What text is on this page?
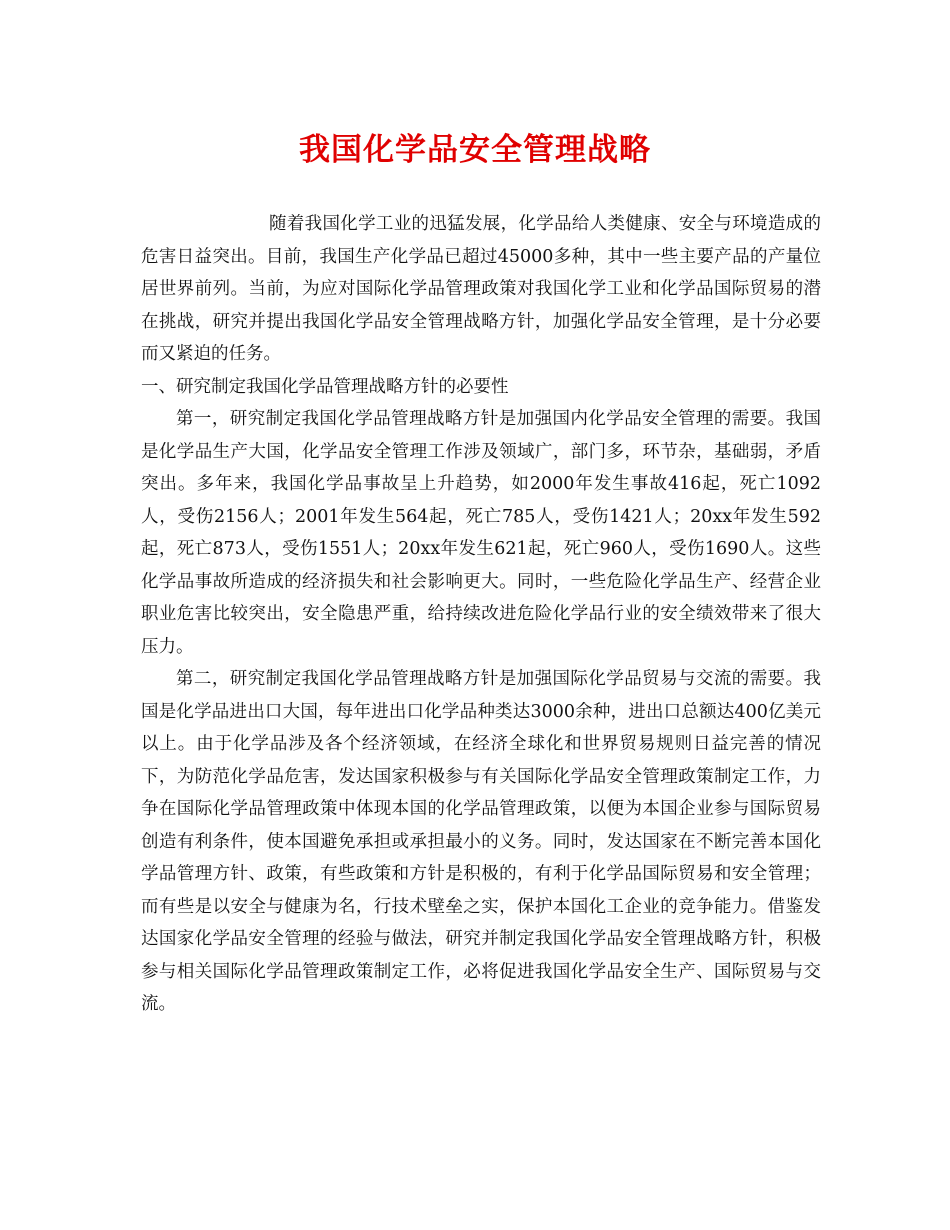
我国化学品安全管理战略

随着我国化学工业的迅猛发展，化学品给人类健康、安全与环境造成的危害日益突出。目前，我国生产化学品已超过45000多种，其中一些主要产品的产量位居世界前列。当前，为应对国际化学品管理政策对我国化学工业和化学品国际贸易的潜在挑战，研究并提出我国化学品安全管理战略方针，加强化学品安全管理，是十分必要而又紧迫的任务。

一、研究制定我国化学品管理战略方针的必要性

第一，研究制定我国化学品管理战略方针是加强国内化学品安全管理的需要。我国是化学品生产大国，化学品安全管理工作涉及领域广，部门多，环节杂，基础弱，矛盾突出。多年来，我国化学品事故呈上升趋势，如2000年发生事故416起，死亡1092人，受伤2156人；2001年发生564起，死亡785人，受伤1421人；20xx年发生592起，死亡873人，受伤1551人；20xx年发生621起，死亡960人，受伤1690人。这些化学品事故所造成的经济损失和社会影响更大。同时，一些危险化学品生产、经营企业职业危害比较突出，安全隐患严重，给持续改进危险化学品行业的安全绩效带来了很大压力。

第二，研究制定我国化学品管理战略方针是加强国际化学品贸易与交流的需要。我国是化学品进出口大国，每年进出口化学品种类达3000余种，进出口总额达400亿美元以上。由于化学品涉及各个经济领域，在经济全球化和世界贸易规则日益完善的情况下，为防范化学品危害，发达国家积极参与有关国际化学品安全管理政策制定工作，力争在国际化学品管理政策中体现本国的化学品管理政策，以便为本国企业参与国际贸易创造有利条件，使本国避免承担或承担最小的义务。同时，发达国家在不断完善本国化学品管理方针、政策，有些政策和方针是积极的，有利于化学品国际贸易和安全管理；而有些是以安全与健康为名，行技术壁垒之实，保护本国化工企业的竞争能力。借鉴发达国家化学品安全管理的经验与做法，研究并制定我国化学品安全管理战略方针，积极参与相关国际化学品管理政策制定工作，必将促进我国化学品安全生产、国际贸易与交流。
